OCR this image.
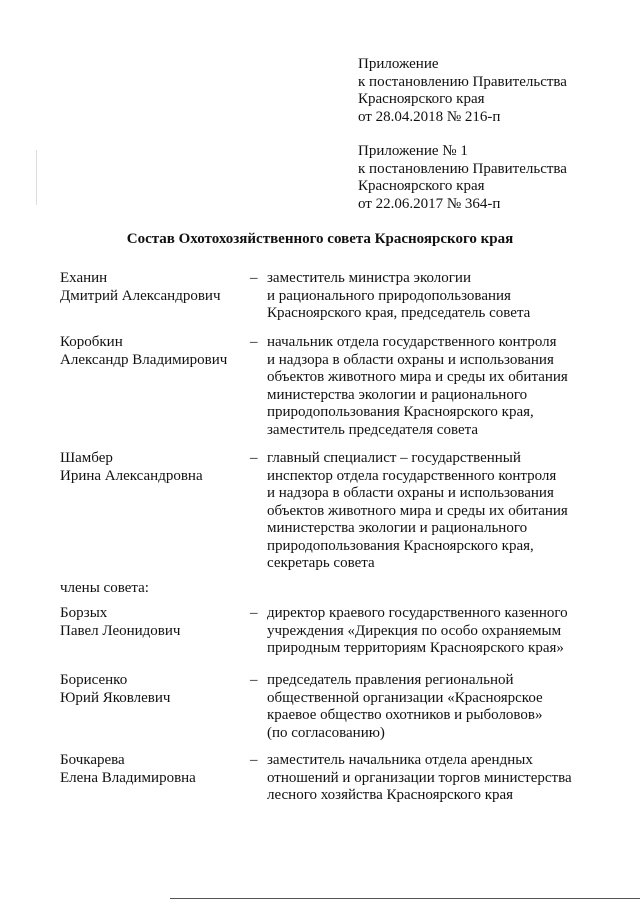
Приложение
к постановлению Правительства
Красноярского края
от 28.04.2018 № 216-п
Приложение № 1
к постановлению Правительства
Красноярского края
от 22.06.2017 № 364-п
Состав Охотохозяйственного совета Красноярского края
Еханин
Дмитрий Александрович
– заместитель министра экологии
и рационального природопользования
Красноярского края, председатель совета
Коробкин
Александр Владимирович
– начальник отдела государственного контроля
и надзора в области охраны и использования
объектов животного мира и среды их обитания
министерства экологии и рационального
природопользования Красноярского края,
заместитель председателя совета
Шамбер
Ирина Александровна
– главный специалист – государственный
инспектор отдела государственного контроля
и надзора в области охраны и использования
объектов животного мира и среды их обитания
министерства экологии и рационального
природопользования Красноярского края,
секретарь совета
члены совета:
Борзых
Павел Леонидович
– директор краевого государственного казенного
учреждения «Дирекция по особо охраняемым
природным территориям Красноярского края»
Борисенко
Юрий Яковлевич
– председатель правления региональной
общественной организации «Красноярское
краевое общество охотников и рыболовов»
(по согласованию)
Бочкарева
Елена Владимировна
– заместитель начальника отдела арендных
отношений и организации торгов министерства
лесного хозяйства Красноярского края
